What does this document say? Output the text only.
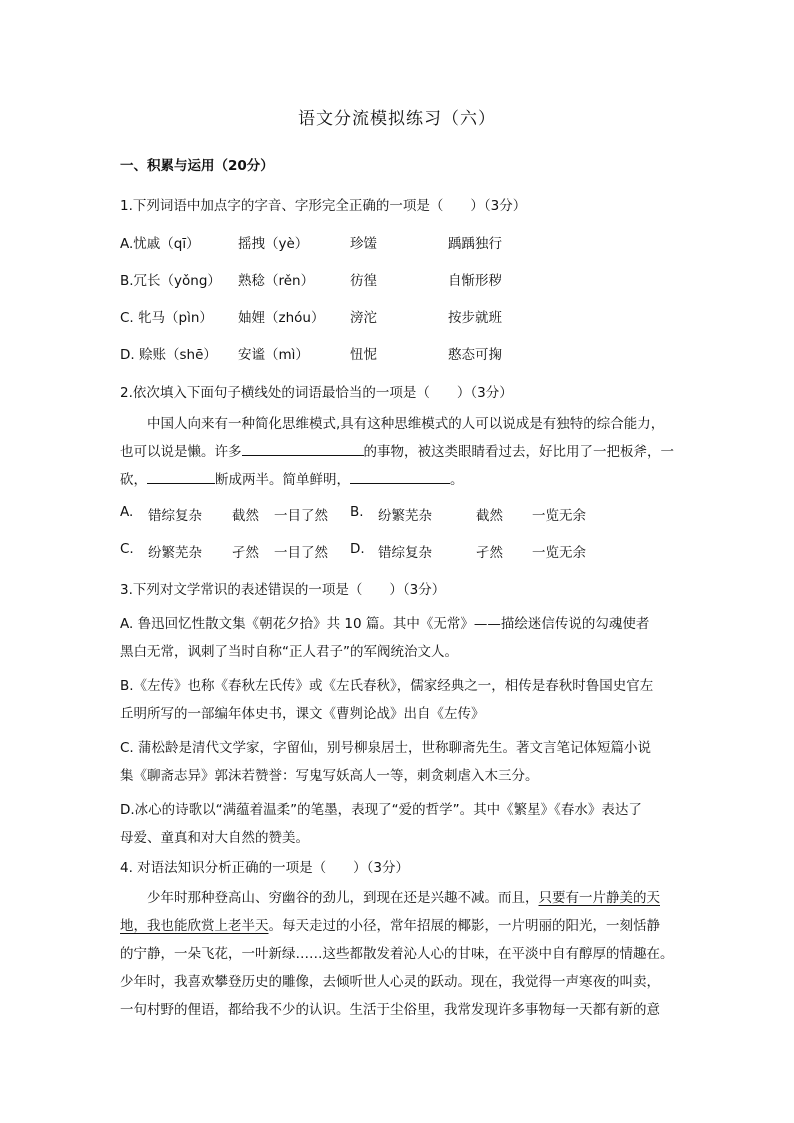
语文分流模拟练习（六）
一、积累与运用（20分）
1.下列词语中加点字的字音、字形完全正确的一项是（　　）（3分）
A.忧戚（qī）	摇拽（yè）	珍馐	踽踽独行
B.冗长（yǒng） 熟稔（rěn）	彷徨	自惭形秽
C. 牝马（pìn） 妯娌（zhóu） 滂沱	按步就班
D. 赊账（shē） 安谧（mì）	忸怩	憨态可掬
2.依次填入下面句子横线处的词语最恰当的一项是（　　）（3分）

中国人向来有一种简化思维模式,具有这种思维模式的人可以说成是有独特的综合能力，

也可以说是懒。许多	的事物，被这类眼睛看过去，好比用了一把板斧，一

砍，	断成两半。简单鲜明，	。

A. 错综复杂 截然 一目了然 B. 纷繁芜杂	截然 一览无余
C. 纷繁芜杂 孑然 一目了然 D. 错综复杂	孑然 一览无余
3.下列对文学常识的表述错误的一项是（　　）（3分）

A. 鲁迅回忆性散文集《朝花夕拾》共 10 篇。其中《无常》——描绘迷信传说的勾魂使者

黑白无常，讽刺了当时自称“正人君子”的军阀统治文人。

B.《左传》也称《春秋左氏传》或《左氏春秋》，儒家经典之一，相传是春秋时鲁国史官左

丘明所写的一部编年体史书，课文《曹刿论战》出自《左传》

C. 蒲松龄是清代文学家，字留仙，别号柳泉居士，世称聊斋先生。著文言笔记体短篇小说

集《聊斋志异》郭沫若赞誉：写鬼写妖高人一等，刺贪刺虐入木三分。

D.冰心的诗歌以“满蕴着温柔”的笔墨，表现了“爱的哲学”。其中《繁星》《春水》表达了

母爱、童真和对大自然的赞美。

4. 对语法知识分析正确的一项是（　　）（3分）

少年时那种登高山、穷幽谷的劲儿，到现在还是兴趣不减。而且，只要有一片静美的天

地，我也能欣赏上老半天。每天走过的小径，常年招展的椰影，一片明丽的阳光，一刻恬静

的宁静，一朵飞花，一叶新绿……这些都散发着沁人心的甘味，在平淡中自有醇厚的情趣在。

少年时，我喜欢攀登历史的雕像，去倾听世人心灵的跃动。现在，我觉得一声寒夜的叫卖，

一句村野的俚语，都给我不少的认识。生活于尘俗里，我常发现许多事物每一天都有新的意
